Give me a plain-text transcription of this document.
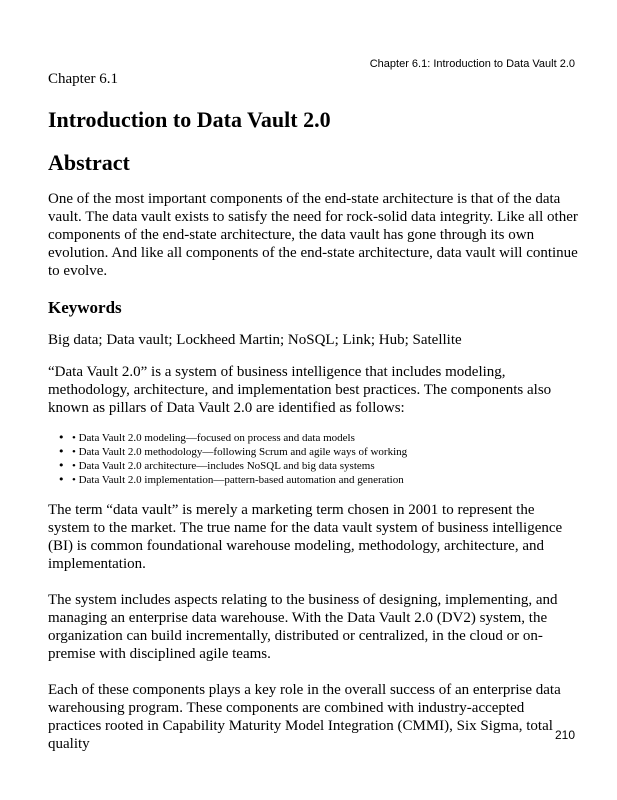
Chapter 6.1: Introduction to Data Vault 2.0

Chapter 6.1

Introduction to Data Vault 2.0
Abstract

One of the most important components of the end-state architecture is that of the data vault. The data vault exists to satisfy the need for rock-solid data integrity. Like all other components of the end-state architecture, the data vault has gone through its own evolution. And like all components of the end-state architecture, data vault will continue to evolve.

Keywords

Big data; Data vault; Lockheed Martin; NoSQL; Link; Hub; Satellite

“Data Vault 2.0” is a system of business intelligence that includes modeling, methodology, architecture, and implementation best practices. The components also known as pillars of Data Vault 2.0 are identified as follows:

• • Data Vault 2.0 modeling—focused on process and data models
• • Data Vault 2.0 methodology—following Scrum and agile ways of working
• • Data Vault 2.0 architecture—includes NoSQL and big data systems
• • Data Vault 2.0 implementation—pattern-based automation and generation

The term “data vault” is merely a marketing term chosen in 2001 to represent the system to the market. The true name for the data vault system of business intelligence (BI) is common foundational warehouse modeling, methodology, architecture, and implementation.

The system includes aspects relating to the business of designing, implementing, and managing an enterprise data warehouse. With the Data Vault 2.0 (DV2) system, the organization can build incrementally, distributed or centralized, in the cloud or on-premise with disciplined agile teams.

Each of these components plays a key role in the overall success of an enterprise data warehousing program. These components are combined with industry-accepted practices rooted in Capability Maturity Model Integration (CMMI), Six Sigma, total quality

210
